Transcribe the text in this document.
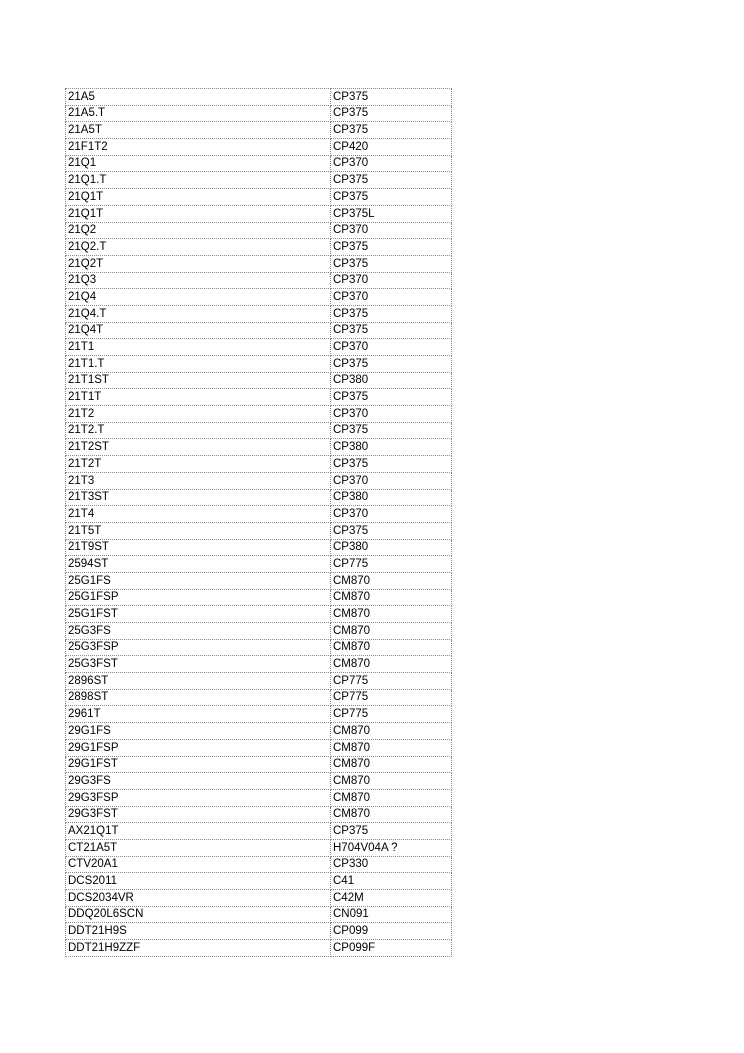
21A5	CP375
21A5.T	CP375
21A5T	CP375
21F1T2	CP420
21Q1	CP370
21Q1.T	CP375
21Q1T	CP375
21Q1T	CP375L
21Q2	CP370
21Q2.T	CP375
21Q2T	CP375
21Q3	CP370
21Q4	CP370
21Q4.T	CP375
21Q4T	CP375
21T1	CP370
21T1.T	CP375
21T1ST	CP380
21T1T	CP375
21T2	CP370
21T2.T	CP375
21T2ST	CP380
21T2T	CP375
21T3	CP370
21T3ST	CP380
21T4	CP370
21T5T	CP375
21T9ST	CP380
2594ST	CP775
25G1FS	CM870
25G1FSP	CM870
25G1FST	CM870
25G3FS	CM870
25G3FSP	CM870
25G3FST	CM870
2896ST	CP775
2898ST	CP775
2961T	CP775
29G1FS	CM870
29G1FSP	CM870
29G1FST	CM870
29G3FS	CM870
29G3FSP	CM870
29G3FST	CM870
AX21Q1T	CP375
CT21A5T	H704V04A ?
CTV20A1	CP330
DCS2011	C41
DCS2034VR	C42M
DDQ20L6SCN	CN091
DDT21H9S	CP099
DDT21H9ZZF	CP099F
